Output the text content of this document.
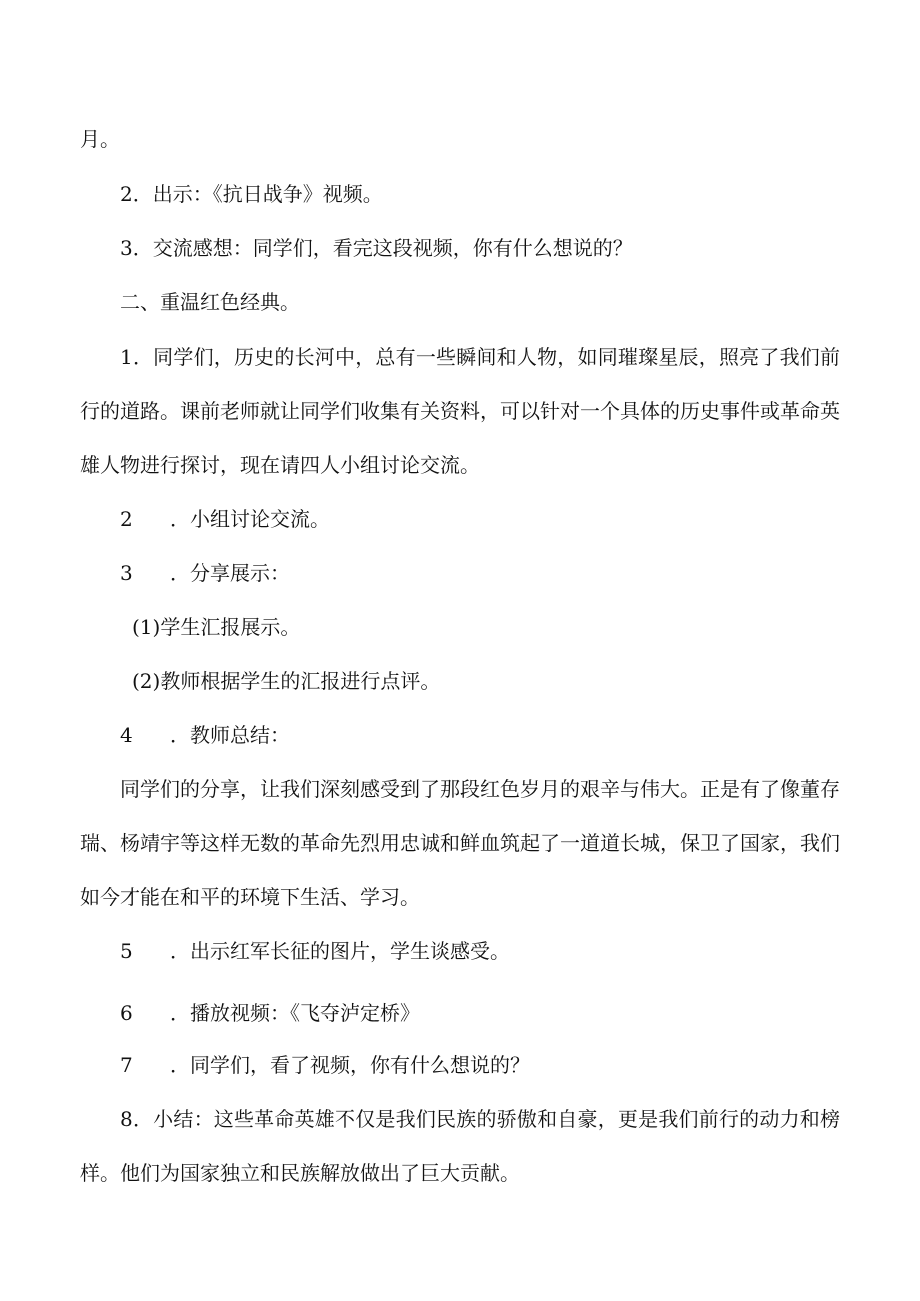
月。
2．出示：《抗日战争》视频。
3．交流感想：同学们，看完这段视频，你有什么想说的？
二、重温红色经典。
1．同学们，历史的长河中，总有一些瞬间和人物，如同璀璨星辰，照亮了我们前
行的道路。课前老师就让同学们收集有关资料，可以针对一个具体的历史事件或革命英
雄人物进行探讨，现在请四人小组讨论交流。
2 ．小组讨论交流。
3 ．分享展示：
(1)学生汇报展示。
(2)教师根据学生的汇报进行点评。
4 ．教师总结：
同学们的分享，让我们深刻感受到了那段红色岁月的艰辛与伟大。正是有了像董存
瑞、杨靖宇等这样无数的革命先烈用忠诚和鲜血筑起了一道道长城，保卫了国家，我们
如今才能在和平的环境下生活、学习。
5 ．出示红军长征的图片，学生谈感受。
6 ．播放视频：《飞夺泸定桥》
7 ．同学们，看了视频，你有什么想说的？
8．小结：这些革命英雄不仅是我们民族的骄傲和自豪，更是我们前行的动力和榜
样。他们为国家独立和民族解放做出了巨大贡献。
